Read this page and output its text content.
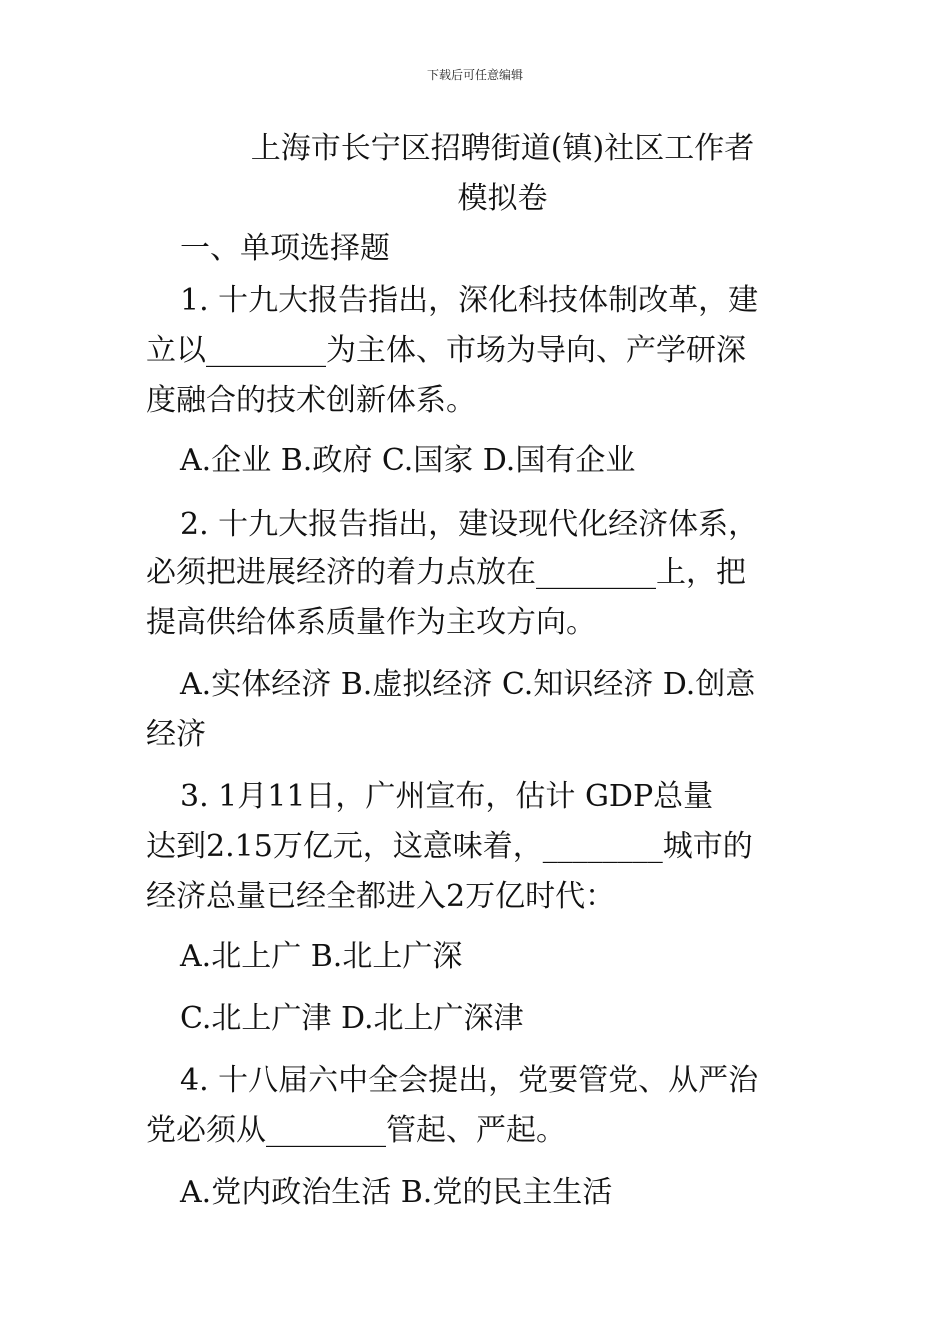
下载后可任意编辑
上海市长宁区招聘街道(镇)社区工作者
模拟卷
一、单项选择题
1. 十九大报告指出，深化科技体制改革，建
立以________为主体、市场为导向、产学研深
度融合的技术创新体系。
A.企业 B.政府 C.国家 D.国有企业
2. 十九大报告指出，建设现代化经济体系，
必须把进展经济的着力点放在________上，把
提高供给体系质量作为主攻方向。
A.实体经济 B.虚拟经济 C.知识经济 D.创意
经济
3. 1月11日，广州宣布，估计 GDP总量
达到2.15万亿元，这意味着，________城市的
经济总量已经全都进入2万亿时代：
A.北上广 B.北上广深
C.北上广津 D.北上广深津
4. 十八届六中全会提出，党要管党、从严治
党必须从________管起、严起。
A.党内政治生活 B.党的民主生活
